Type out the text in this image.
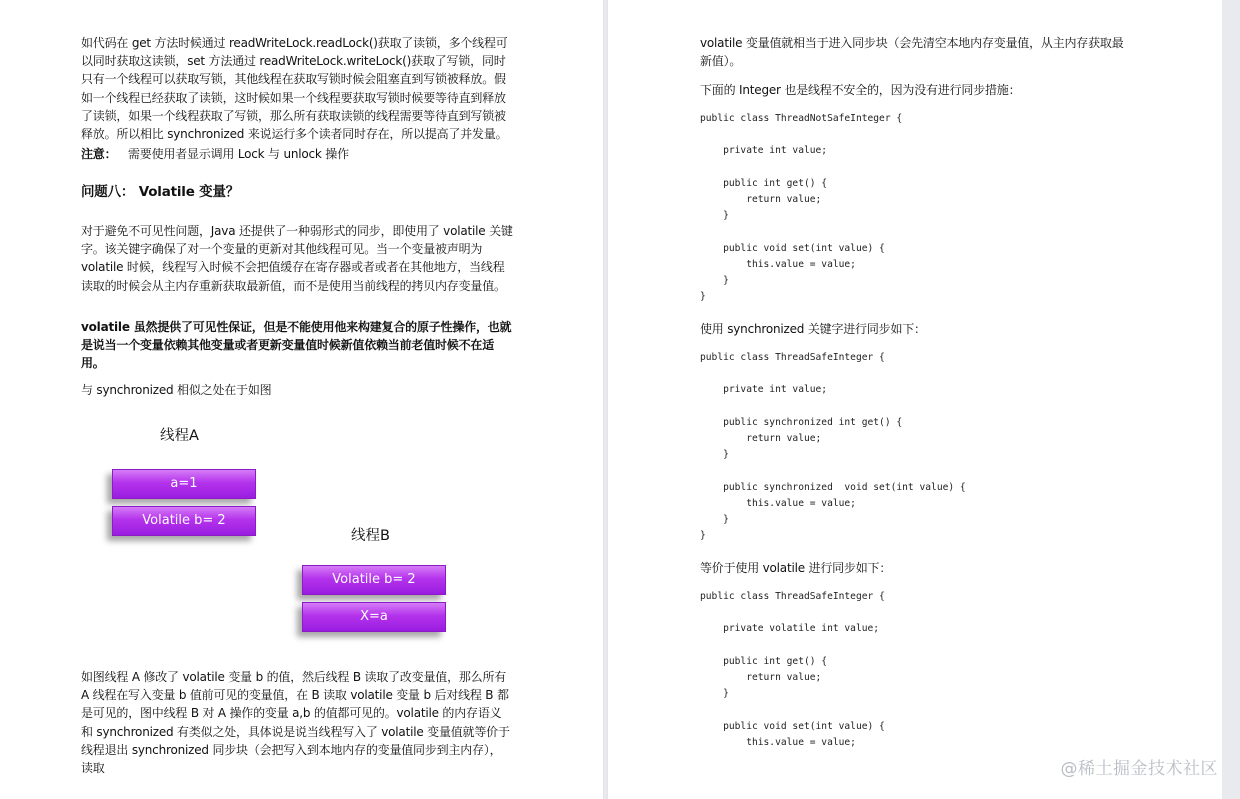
如代码在 get 方法时候通过 readWriteLock.readLock()获取了读锁，多个线程可以同时获取这读锁，set 方法通过 readWriteLock.writeLock()获取了写锁，同时只有一个线程可以获取写锁，其他线程在获取写锁时候会阻塞直到写锁被释放。假如一个线程已经获取了读锁，这时候如果一个线程要获取写锁时候要等待直到释放了读锁，如果一个线程获取了写锁，那么所有获取读锁的线程需要等待直到写锁被释放。所以相比 synchronized 来说运行多个读者同时存在，所以提高了并发量。

注意： 需要使用者显示调用 Lock 与 unlock 操作

问题八： Volatile 变量？

对于避免不可见性问题，Java 还提供了一种弱形式的同步，即使用了 volatile 关键字。该关键字确保了对一个变量的更新对其他线程可见。当一个变量被声明为 volatile 时候，线程写入时候不会把值缓存在寄存器或者或者在其他地方，当线程读取的时候会从主内存重新获取最新值，而不是使用当前线程的拷贝内存变量值。

volatile 虽然提供了可见性保证，但是不能使用他来构建复合的原子性操作，也就是说当一个变量依赖其他变量或者更新变量值时候新值依赖当前老值时候不在适用。

与 synchronized 相似之处在于如图

线程A
a=1
Volatile b= 2
线程B
Volatile b= 2
X=a

如图线程 A 修改了 volatile 变量 b 的值，然后线程 B 读取了改变量值，那么所有 A 线程在写入变量 b 值前可见的变量值，在 B 读取 volatile 变量 b 后对线程 B 都是可见的，图中线程 B 对 A 操作的变量 a,b 的值都可见的。volatile 的内存语义和 synchronized 有类似之处，具体说是说当线程写入了 volatile 变量值就等价于线程退出 synchronized 同步块（会把写入到本地内存的变量值同步到主内存），读取

volatile 变量值就相当于进入同步块（会先清空本地内存变量值，从主内存获取最新值）。

下面的 Integer 也是线程不安全的，因为没有进行同步措施：

public class ThreadNotSafeInteger {

private int value;

public int get() {
return value;
}

public void set(int value) {
this.value = value;
}
}

使用 synchronized 关键字进行同步如下：

public class ThreadSafeInteger {

private int value;

public synchronized int get() {
return value;
}

public synchronized  void set(int value) {
this.value = value;
}
}

等价于使用 volatile 进行同步如下：

public class ThreadSafeInteger {

private volatile int value;

public int get() {
return value;
}

public void set(int value) {
this.value = value;
@稀土掘金技术社区
